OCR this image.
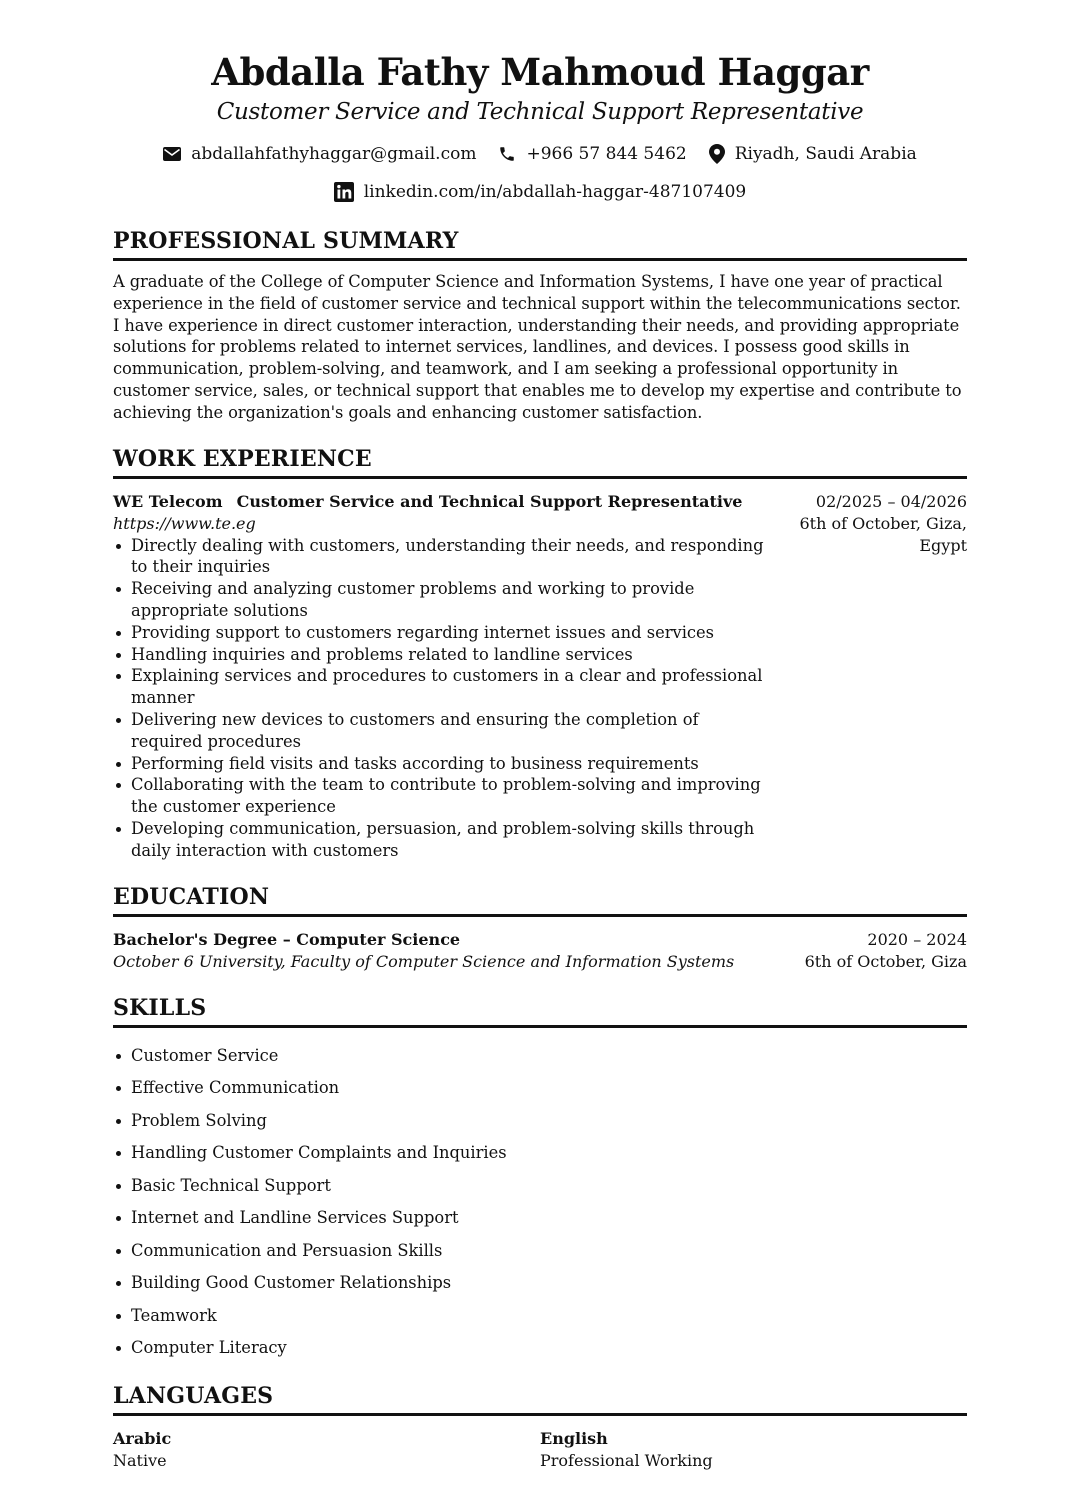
Abdalla Fathy Mahmoud Haggar
Customer Service and Technical Support Representative
abdallahfathyhaggar@gmail.com	+966 57 844 5462	Riyadh, Saudi Arabia
linkedin.com/in/abdallah-haggar-487107409
PROFESSIONAL SUMMARY

A graduate of the College of Computer Science and Information Systems, I have one year of practical experience in the field of customer service and technical support within the telecommunications sector. I have experience in direct customer interaction, understanding their needs, and providing appropriate solutions for problems related to internet services, landlines, and devices. I possess good skills in communication, problem-solving, and teamwork, and I am seeking a professional opportunity in customer service, sales, or technical support that enables me to develop my expertise and contribute to achieving the organization's goals and enhancing customer satisfaction.

WORK EXPERIENCE
WE Telecom Customer Service and Technical Support Representative
https://www.te.eg
Directly dealing with customers, understanding their needs, and responding to their inquiries
Receiving and analyzing customer problems and working to provide appropriate solutions
Providing support to customers regarding internet issues and services
Handling inquiries and problems related to landline services
Explaining services and procedures to customers in a clear and professional manner
Delivering new devices to customers and ensuring the completion of required procedures
Performing field visits and tasks according to business requirements
Collaborating with the team to contribute to problem-solving and improving the customer experience
Developing communication, persuasion, and problem-solving skills through daily interaction with customers
02/2025 – 04/2026
6th of October, Giza, Egypt
EDUCATION
Bachelor's Degree – Computer Science
October 6 University, Faculty of Computer Science and Information Systems
2020 – 2024
6th of October, Giza
SKILLS
Customer Service
Effective Communication
Problem Solving
Handling Customer Complaints and Inquiries
Basic Technical Support
Internet and Landline Services Support
Communication and Persuasion Skills
Building Good Customer Relationships
Teamwork
Computer Literacy
LANGUAGES
Arabic
Native
English
Professional Working
